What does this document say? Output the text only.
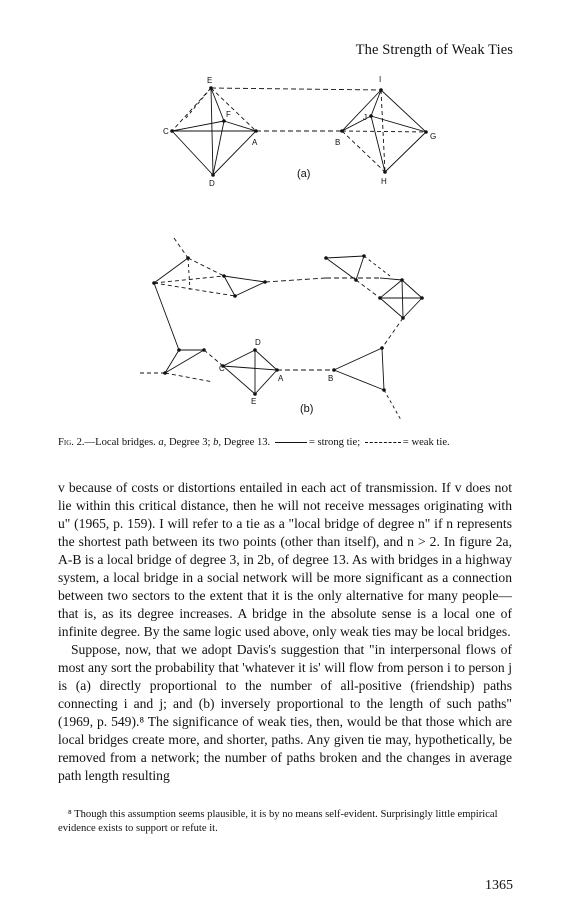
The Strength of Weak Ties
E
F
C
A
D
I
J
B
G
H
(a)
D
C
A
E
B
(b)
Fig. 2.—Local bridges. a, Degree 3; b, Degree 13.	= strong tie;	= weak tie.

v because of costs or distortions entailed in each act of transmission. If v does not lie within this critical distance, then he will not receive messages originating with u" (1965, p. 159). I will refer to a tie as a "local bridge of degree n" if n represents the shortest path between its two points (other than itself), and n > 2. In figure 2a, A-B is a local bridge of degree 3, in 2b, of degree 13. As with bridges in a highway system, a local bridge in a social network will be more significant as a connection between two sectors to the extent that it is the only alternative for many people—that is, as its degree increases. A bridge in the absolute sense is a local one of infinite degree. By the same logic used above, only weak ties may be local bridges.

Suppose, now, that we adopt Davis's suggestion that "in interpersonal flows of most any sort the probability that 'whatever it is' will flow from person i to person j is (a) directly proportional to the number of all-positive (friendship) paths connecting i and j; and (b) inversely proportional to the length of such paths" (1969, p. 549).⁸ The significance of weak ties, then, would be that those which are local bridges create more, and shorter, paths. Any given tie may, hypothetically, be removed from a network; the number of paths broken and the changes in average path length resulting

⁸ Though this assumption seems plausible, it is by no means self-evident. Surprisingly little empirical evidence exists to support or refute it.
1365
